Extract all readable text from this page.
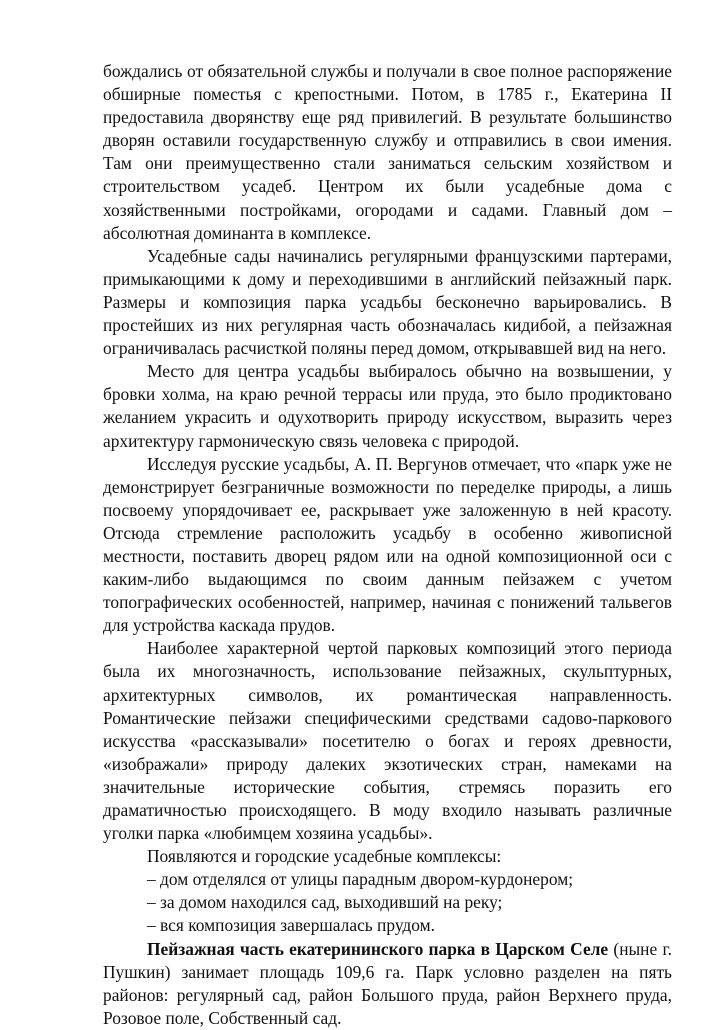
бождались от обязательной службы и получали в свое полное распоряжение обширные поместья с крепостными. Потом, в 1785 г., Екатерина II предоставила дворянству еще ряд привилегий. В результате большинство дворян оставили государственную службу и отправились в свои имения. Там они преимущественно стали заниматься сельским хозяйством и строительством усадеб. Центром их были усадебные дома с хозяйственными постройками, огородами и садами. Главный дом – абсолютная доминанта в комплексе.

Усадебные сады начинались регулярными французскими партерами, примыкающими к дому и переходившими в английский пейзажный парк. Размеры и композиция парка усадьбы бесконечно варьировались. В простейших из них регулярная часть обозначалась кидибой, а пейзажная ограничивалась расчисткой поляны перед домом, открывавшей вид на него.

Место для центра усадьбы выбиралось обычно на возвышении, у бровки холма, на краю речной террасы или пруда, это было продиктовано желанием украсить и одухотворить природу искусством, выразить через архитектуру гармоническую связь человека с природой.

Исследуя русские усадьбы, А. П. Вергунов отмечает, что «парк уже не демонстрирует безграничные возможности по переделке природы, а лишь посвоему упорядочивает ее, раскрывает уже заложенную в ней красоту. Отсюда стремление расположить усадьбу в особенно живописной местности, поставить дворец рядом или на одной композиционной оси с каким-либо выдающимся по своим данным пейзажем с учетом топографических особенностей, например, начиная с понижений тальвегов для устройства каскада прудов.

Наиболее характерной чертой парковых композиций этого периода была их многозначность, использование пейзажных, скульптурных, архитектурных символов, их романтическая направленность. Романтические пейзажи специфическими средствами садово-паркового искусства «рассказывали» посетителю о богах и героях древности, «изображали» природу далеких экзотических стран, намеками на значительные исторические события, стремясь поразить его драматичностью происходящего. В моду входило называть различные уголки парка «любимцем хозяина усадьбы».

Появляются и городские усадебные комплексы:

– дом отделялся от улицы парадным двором-курдонером;

– за домом находился сад, выходивший на реку;

– вся композиция завершалась прудом.

Пейзажная часть екатерининского парка в Царском Селе (ныне г. Пушкин) занимает площадь 109,6 га. Парк условно разделен на пять районов: регулярный сад, район Большого пруда, район Верхнего пруда, Розовое поле, Собственный сад.
